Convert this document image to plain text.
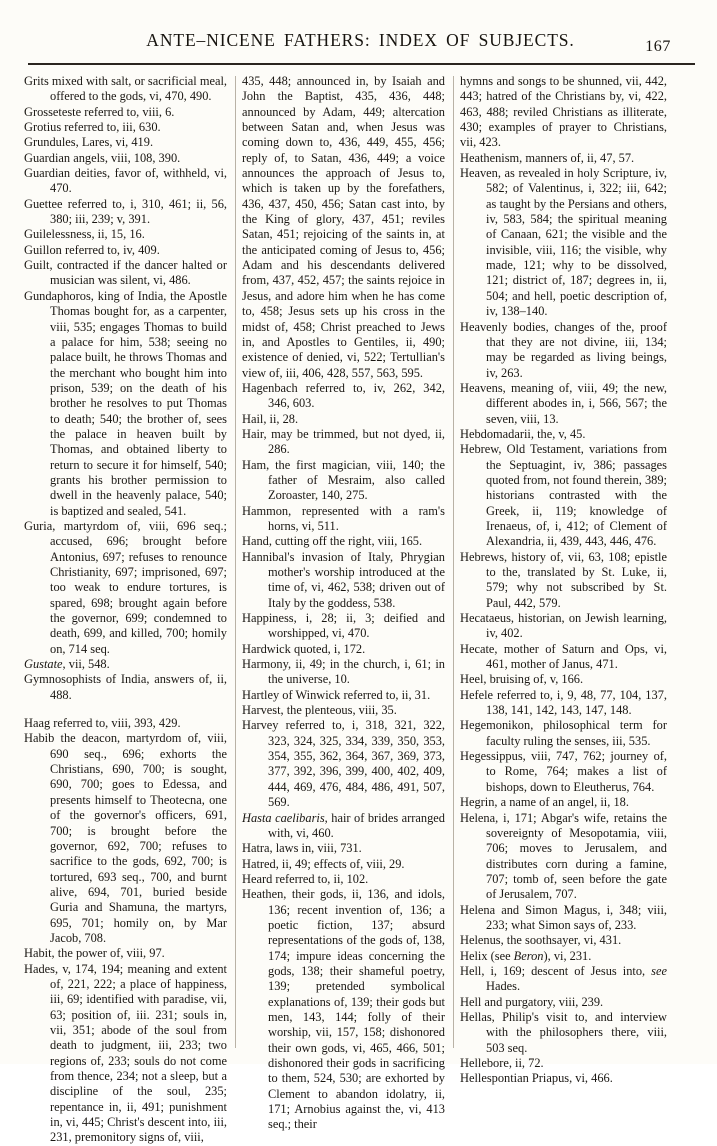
ANTE–NICENE FATHERS: INDEX OF SUBJECTS.	167

Grits mixed with salt, or sacrificial meal, offered to the gods, vi, 470, 490.

Grosseteste referred to, viii, 6.

Grotius referred to, iii, 630.

Grundules, Lares, vi, 419.

Guardian angels, viii, 108, 390.

Guardian deities, favor of, withheld, vi, 470.

Guettee referred to, i, 310, 461; ii, 56, 380; iii, 239; v, 391.

Guilelessness, ii, 15, 16.

Guillon referred to, iv, 409.

Guilt, contracted if the dancer halted or musician was silent, vi, 486.

Gundaphoros, king of India, the Apostle Thomas bought for, as a carpenter, viii, 535; engages Thomas to build a palace for him, 538; seeing no palace built, he throws Thomas and the merchant who bought him into prison, 539; on the death of his brother he resolves to put Thomas to death; 540; the brother of, sees the palace in heaven built by Thomas, and obtained liberty to return to secure it for himself, 540; grants his brother permission to dwell in the heavenly palace, 540; is baptized and sealed, 541.

Guria, martyrdom of, viii, 696 seq.; accused, 696; brought before Antonius, 697; refuses to renounce Christianity, 697; imprisoned, 697; too weak to endure tortures, is spared, 698; brought again before the governor, 699; condemned to death, 699, and killed, 700; homily on, 714 seq.

Gustate, vii, 548.

Gymnosophists of India, answers of, ii, 488.

Haag referred to, viii, 393, 429.

Habib the deacon, martyrdom of, viii, 690 seq., 696; exhorts the Christians, 690, 700; is sought, 690, 700; goes to Edessa, and presents himself to Theotecna, one of the governor's officers, 691, 700; is brought before the governor, 692, 700; refuses to sacrifice to the gods, 692, 700; is tortured, 693 seq., 700, and burnt alive, 694, 701, buried beside Guria and Shamuna, the martyrs, 695, 701; homily on, by Mar Jacob, 708.

Habit, the power of, viii, 97.

Hades, v, 174, 194; meaning and extent of, 221, 222; a place of happiness, iii, 69; identified with paradise, vii, 63; position of, iii. 231; souls in, vii, 351; abode of the soul from death to judgment, iii, 233; two regions of, 233; souls do not come from thence, 234; not a sleep, but a discipline of the soul, 235; repentance in, ii, 491; punishment in, vi, 445; Christ's descent into, iii, 231, premonitory signs of, viii,

435, 448; announced in, by Isaiah and John the Baptist, 435, 436, 448; announced by Adam, 449; altercation between Satan and, when Jesus was coming down to, 436, 449, 455, 456; reply of, to Satan, 436, 449; a voice announces the approach of Jesus to, which is taken up by the forefathers, 436, 437, 450, 456; Satan cast into, by the King of glory, 437, 451; reviles Satan, 451; rejoicing of the saints in, at the anticipated coming of Jesus to, 456; Adam and his descendants delivered from, 437, 452, 457; the saints rejoice in Jesus, and adore him when he has come to, 458; Jesus sets up his cross in the midst of, 458; Christ preached to Jews in, and Apostles to Gentiles, ii, 490; existence of denied, vi, 522; Tertullian's view of, iii, 406, 428, 557, 563, 595.

Hagenbach referred to, iv, 262, 342, 346, 603.

Hail, ii, 28.

Hair, may be trimmed, but not dyed, ii, 286.

Ham, the first magician, viii, 140; the father of Mesraim, also called Zoroaster, 140, 275.

Hammon, represented with a ram's horns, vi, 511.

Hand, cutting off the right, viii, 165.

Hannibal's invasion of Italy, Phrygian mother's worship introduced at the time of, vi, 462, 538; driven out of Italy by the goddess, 538.

Happiness, i, 28; ii, 3; deified and worshipped, vi, 470.

Hardwick quoted, i, 172.

Harmony, ii, 49; in the church, i, 61; in the universe, 10.

Hartley of Winwick referred to, ii, 31.

Harvest, the plenteous, viii, 35.

Harvey referred to, i, 318, 321, 322, 323, 324, 325, 334, 339, 350, 353, 354, 355, 362, 364, 367, 369, 373, 377, 392, 396, 399, 400, 402, 409, 444, 469, 476, 484, 486, 491, 507, 569.

Hasta caelibaris, hair of brides arranged with, vi, 460.

Hatra, laws in, viii, 731.

Hatred, ii, 49; effects of, viii, 29.

Heard referred to, ii, 102.

Heathen, their gods, ii, 136, and idols, 136; recent invention of, 136; a poetic fiction, 137; absurd representations of the gods of, 138, 174; impure ideas concerning the gods, 138; their shameful poetry, 139; pretended symbolical explanations of, 139; their gods but men, 143, 144; folly of their worship, vii, 157, 158; dishonored their own gods, vi, 465, 466, 501; dishonored their gods in sacrificing to them, 524, 530; are exhorted by Clement to abandon idolatry, ii, 171; Arnobius against the, vi, 413 seq.; their

hymns and songs to be shunned, vii, 442, 443; hatred of the Christians by, vi, 422, 463, 488; reviled Christians as illiterate, 430; examples of prayer to Christians, vii, 423.

Heathenism, manners of, ii, 47, 57.

Heaven, as revealed in holy Scripture, iv, 582; of Valentinus, i, 322; iii, 642; as taught by the Persians and others, iv, 583, 584; the spiritual meaning of Canaan, 621; the visible and the invisible, viii, 116; the visible, why made, 121; why to be dissolved, 121; district of, 187; degrees in, ii, 504; and hell, poetic description of, iv, 138–140.

Heavenly bodies, changes of the, proof that they are not divine, iii, 134; may be regarded as living beings, iv, 263.

Heavens, meaning of, viii, 49; the new, different abodes in, i, 566, 567; the seven, viii, 13.

Hebdomadarii, the, v, 45.

Hebrew, Old Testament, variations from the Septuagint, iv, 386; passages quoted from, not found therein, 389; historians contrasted with the Greek, ii, 119; knowledge of Irenaeus, of, i, 412; of Clement of Alexandria, ii, 439, 443, 446, 476.

Hebrews, history of, vii, 63, 108; epistle to the, translated by St. Luke, ii, 579; why not subscribed by St. Paul, 442, 579.

Hecataeus, historian, on Jewish learning, iv, 402.

Hecate, mother of Saturn and Ops, vi, 461, mother of Janus, 471.

Heel, bruising of, v, 166.

Hefele referred to, i, 9, 48, 77, 104, 137, 138, 141, 142, 143, 147, 148.

Hegemonikon, philosophical term for faculty ruling the senses, iii, 535.

Hegessippus, viii, 747, 762; journey of, to Rome, 764; makes a list of bishops, down to Eleutherus, 764.

Hegrin, a name of an angel, ii, 18.

Helena, i, 171; Abgar's wife, retains the sovereignty of Mesopotamia, viii, 706; moves to Jerusalem, and distributes corn during a famine, 707; tomb of, seen before the gate of Jerusalem, 707.

Helena and Simon Magus, i, 348; viii, 233; what Simon says of, 233.

Helenus, the soothsayer, vi, 431.

Helix (see Beron), vi, 231.

Hell, i, 169; descent of Jesus into, see Hades.

Hell and purgatory, viii, 239.

Hellas, Philip's visit to, and interview with the philosophers there, viii, 503 seq.

Hellebore, ii, 72.

Hellespontian Priapus, vi, 466.
